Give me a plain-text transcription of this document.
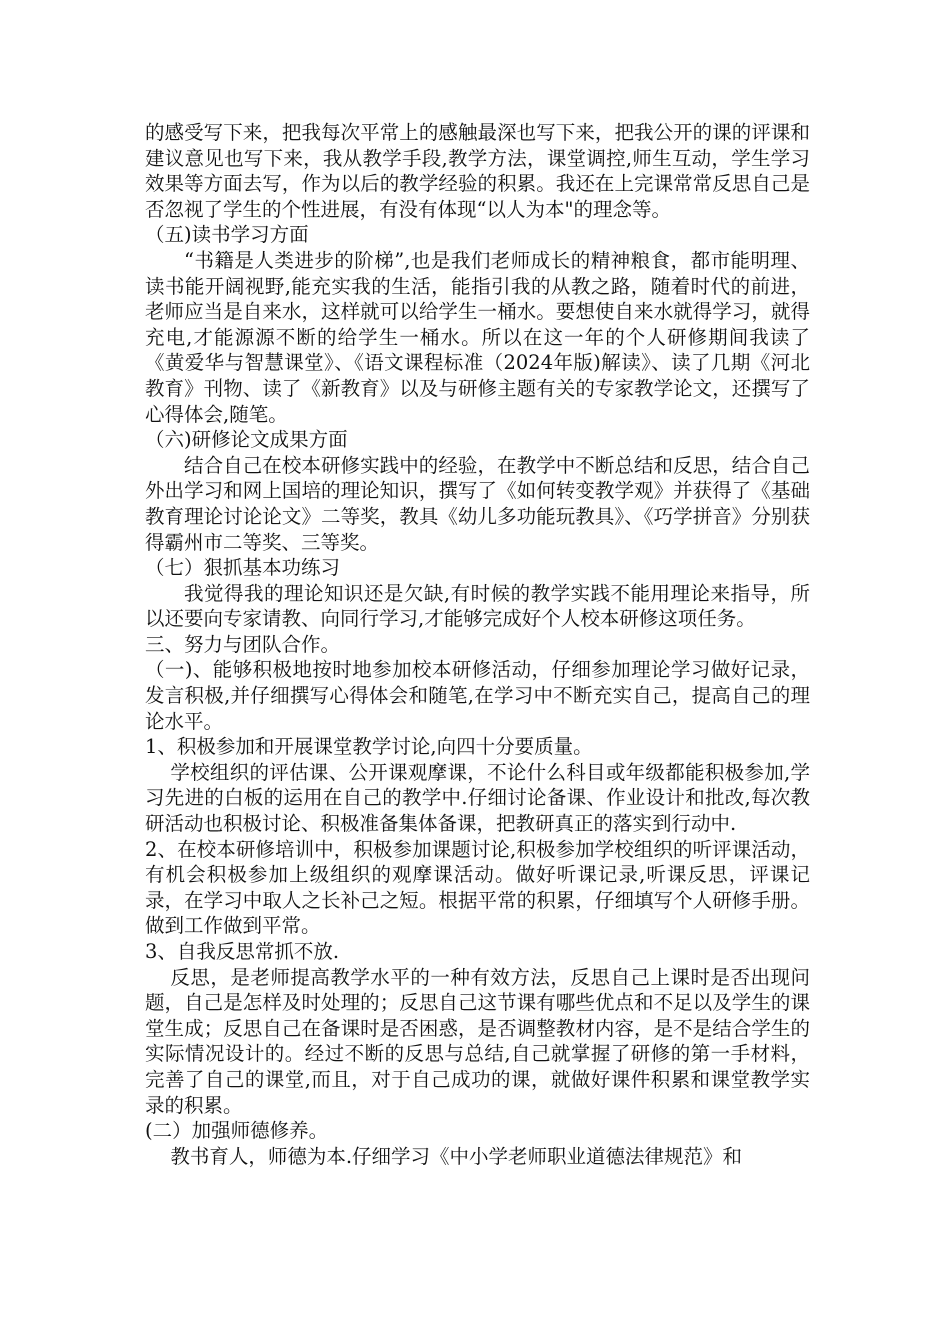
的感受写下来，把我每次平常上的感触最深也写下来，把我公开的课的评课和建议意见也写下来，我从教学手段,教学方法，课堂调控,师生互动，学生学习效果等方面去写，作为以后的教学经验的积累。我还在上完课常常反思自己是否忽视了学生的个性进展，有没有体现“以人为本"的理念等。

（五)读书学习方面

“书籍是人类进步的阶梯”,也是我们老师成长的精神粮食，都市能明理、读书能开阔视野,能充实我的生活，能指引我的从教之路，随着时代的前进，老师应当是自来水，这样就可以给学生一桶水。要想使自来水就得学习，就得充电,才能源源不断的给学生一桶水。所以在这一年的个人研修期间我读了《黄爱华与智慧课堂》、《语文课程标准（2024年版)解读》、读了几期《河北教育》刊物、读了《新教育》以及与研修主题有关的专家教学论文，还撰写了心得体会,随笔。

（六)研修论文成果方面

结合自己在校本研修实践中的经验，在教学中不断总结和反思，结合自己外出学习和网上国培的理论知识，撰写了《如何转变教学观》并获得了《基础教育理论讨论论文》二等奖，教具《幼儿多功能玩教具》、《巧学拼音》分别获得霸州市二等奖、三等奖。

（七）狠抓基本功练习

我觉得我的理论知识还是欠缺,有时候的教学实践不能用理论来指导，所以还要向专家请教、向同行学习,才能够完成好个人校本研修这项任务。

三、努力与团队合作。

（一)、能够积极地按时地参加校本研修活动，仔细参加理论学习做好记录，发言积极,并仔细撰写心得体会和随笔,在学习中不断充实自己，提高自己的理论水平。

1、积极参加和开展课堂教学讨论,向四十分要质量。

学校组织的评估课、公开课观摩课，不论什么科目或年级都能积极参加,学习先进的白板的运用在自己的教学中.仔细讨论备课、作业设计和批改,每次教研活动也积极讨论、积极准备集体备课，把教研真正的落实到行动中.

2、在校本研修培训中，积极参加课题讨论,积极参加学校组织的听评课活动，有机会积极参加上级组织的观摩课活动。做好听课记录,听课反思，评课记录，在学习中取人之长补己之短。根据平常的积累，仔细填写个人研修手册。做到工作做到平常。

3、自我反思常抓不放.

反思，是老师提高教学水平的一种有效方法，反思自己上课时是否出现问题，自己是怎样及时处理的；反思自己这节课有哪些优点和不足以及学生的课堂生成；反思自己在备课时是否困惑，是否调整教材内容，是不是结合学生的实际情况设计的。经过不断的反思与总结,自己就掌握了研修的第一手材料，完善了自己的课堂,而且，对于自己成功的课，就做好课件积累和课堂教学实录的积累。

(二）加强师德修养。

教书育人，师德为本.仔细学习《中小学老师职业道德法律规范》和
